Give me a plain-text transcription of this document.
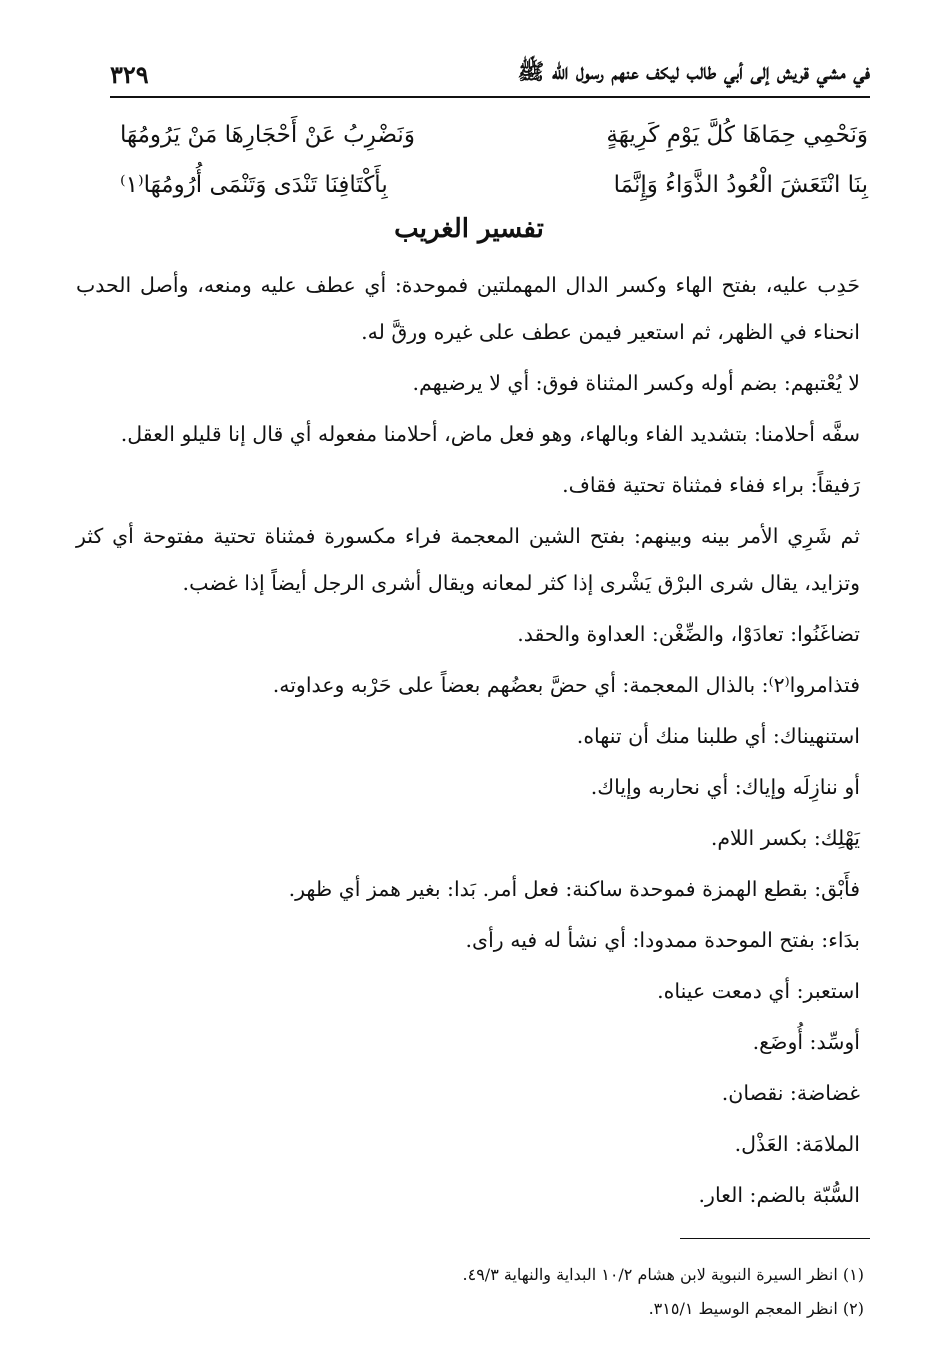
في مشي قريش إلى أبي طالب ليكف عنهم رسول الله ﷺ
٣٢٩
وَنَحْمِي حِمَاهَا كُلَّ يَوْمِ كَرِيهَةٍ
وَنَضْرِبُ عَنْ أَحْجَارِهَا مَنْ يَرُومُهَا
بِنَا انْتَعَشَ الْعُودُ الذَّوَاءُ وَإِنَّمَا
بِأَكْتَافِنَا تَنْدَى وَتَنْمَى أُرُومُهَا⁽١⁾
تفسير الغريب

حَدِب عليه، بفتح الهاء وكسر الدال المهملتين فموحدة: أي عطف عليه ومنعه، وأصل الحدب انحناء في الظهر، ثم استعير فيمن عطف على غيره ورقَّ له.

لا يُعْتبهم: بضم أوله وكسر المثناة فوق: أي لا يرضيهم.

سفَّه أحلامنا: بتشديد الفاء وبالهاء، وهو فعل ماض، أحلامنا مفعوله أي قال إنا قليلو العقل.

رَفيقاً: براء ففاء فمثناة تحتية فقاف.

ثم شَرِي الأمر بينه وبينهم: بفتح الشين المعجمة فراء مكسورة فمثناة تحتية مفتوحة أي كثر وتزايد، يقال شرى البرْق يَشْرى إذا كثر لمعانه ويقال أشرى الرجل أيضاً إذا غضب.

تضاغَنُوا: تعادَوْا، والضِّغْن: العداوة والحقد.

فتذامروا⁽٢⁾: بالذال المعجمة: أي حضَّ بعضُهم بعضاً على حَرْبه وعداوته.

استنهيناك: أي طلبنا منك أن تنهاه.

أو ننازِلَه وإياك: أي نحاربه وإياك.

يَهْلِك: بكسر اللام.

فأَبْق: بقطع الهمزة فموحدة ساكنة: فعل أمر. بَدا: بغير همز أي ظهر.

بدَاء: بفتح الموحدة ممدودا: أي نشأ له فيه رأى.

استعبر: أي دمعت عيناه.

أوسِّد: أُوضَع.

غضاضة: نقصان.

الملامَة: العَذْل.

السُّبّة بالضم: العار.

(١) انظر السيرة النبوية لابن هشام ١٠/٢ البداية والنهاية ٤٩/٣.
(٢) انظر المعجم الوسيط ٣١٥/١.
